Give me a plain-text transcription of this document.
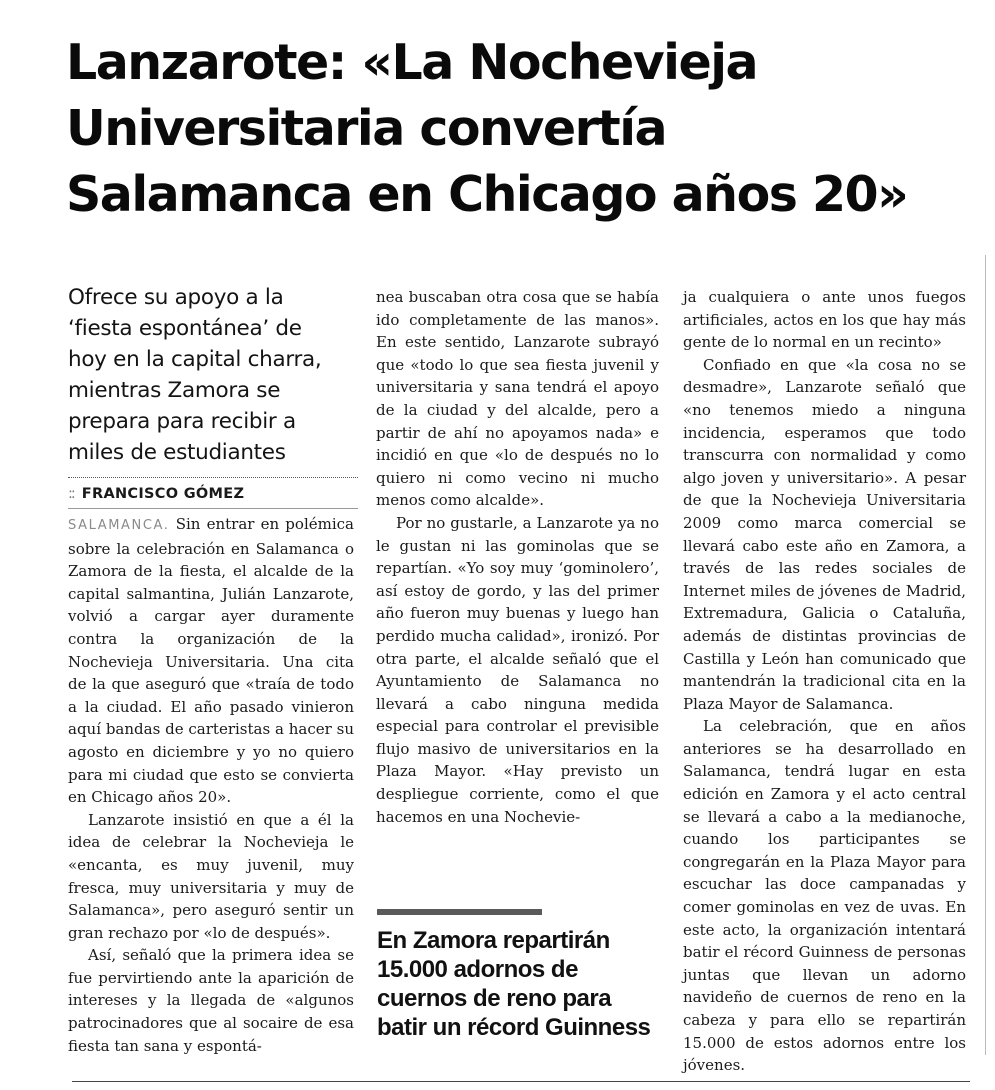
Lanzarote: «La Nochevieja
Universitaria convertía
Salamanca en Chicago años 20»
Ofrece su apoyo a la
‘fiesta espontánea’ de
hoy en la capital charra,
mientras Zamora se
prepara para recibir a
miles de estudiantes
:: FRANCISCO GÓMEZ

SALAMANCA. Sin entrar en polémica sobre la celebración en Salamanca o Zamora de la fiesta, el alcalde de la capital salmantina, Julián Lanzarote, volvió a cargar ayer duramente contra la organización de la Nochevieja Universitaria. Una cita de la que aseguró que «traía de todo a la ciudad. El año pasado vinieron aquí bandas de carteristas a hacer su agosto en diciembre y yo no quiero para mi ciudad que esto se convierta en Chicago años 20».

Lanzarote insistió en que a él la idea de celebrar la Nochevieja le «encanta, es muy juvenil, muy fresca, muy universitaria y muy de Salamanca», pero aseguró sentir un gran rechazo por «lo de después».

Así, señaló que la primera idea se fue pervirtiendo ante la aparición de intereses y la llegada de «algunos patrocinadores que al socaire de esa fiesta tan sana y espontá-

nea buscaban otra cosa que se había ido completamente de las manos». En este sentido, Lanzarote subrayó que «todo lo que sea fiesta juvenil y universitaria y sana tendrá el apoyo de la ciudad y del alcalde, pero a partir de ahí no apoyamos nada» e incidió en que «lo de después no lo quiero ni como vecino ni mucho menos como alcalde».

Por no gustarle, a Lanzarote ya no le gustan ni las gominolas que se repartían. «Yo soy muy ‘gominolero’, así estoy de gordo, y las del primer año fueron muy buenas y luego han perdido mucha calidad», ironizó. Por otra parte, el alcalde señaló que el Ayuntamiento de Salamanca no llevará a cabo ninguna medida especial para controlar el previsible flujo masivo de universitarios en la Plaza Mayor. «Hay previsto un despliegue corriente, como el que hacemos en una Nochevie-

En Zamora repartirán
15.000 adornos de
cuernos de reno para
batir un récord Guinness

ja cualquiera o ante unos fuegos artificiales, actos en los que hay más gente de lo normal en un recinto»

Confiado en que «la cosa no se desmadre», Lanzarote señaló que «no tenemos miedo a ninguna incidencia, esperamos que todo transcurra con normalidad y como algo joven y universitario». A pesar de que la Nochevieja Universitaria 2009 como marca comercial se llevará cabo este año en Zamora, a través de las redes sociales de Internet miles de jóvenes de Madrid, Extremadura, Galicia o Cataluña, además de distintas provincias de Castilla y León han comunicado que mantendrán la tradicional cita en la Plaza Mayor de Salamanca.

La celebración, que en años anteriores se ha desarrollado en Salamanca, tendrá lugar en esta edición en Zamora y el acto central se llevará a cabo a la medianoche, cuando los participantes se congregarán en la Plaza Mayor para escuchar las doce campanadas y comer gominolas en vez de uvas. En este acto, la organización intentará batir el récord Guinness de personas juntas que llevan un adorno navideño de cuernos de reno en la cabeza y para ello se repartirán 15.000 de estos adornos entre los jóvenes.
